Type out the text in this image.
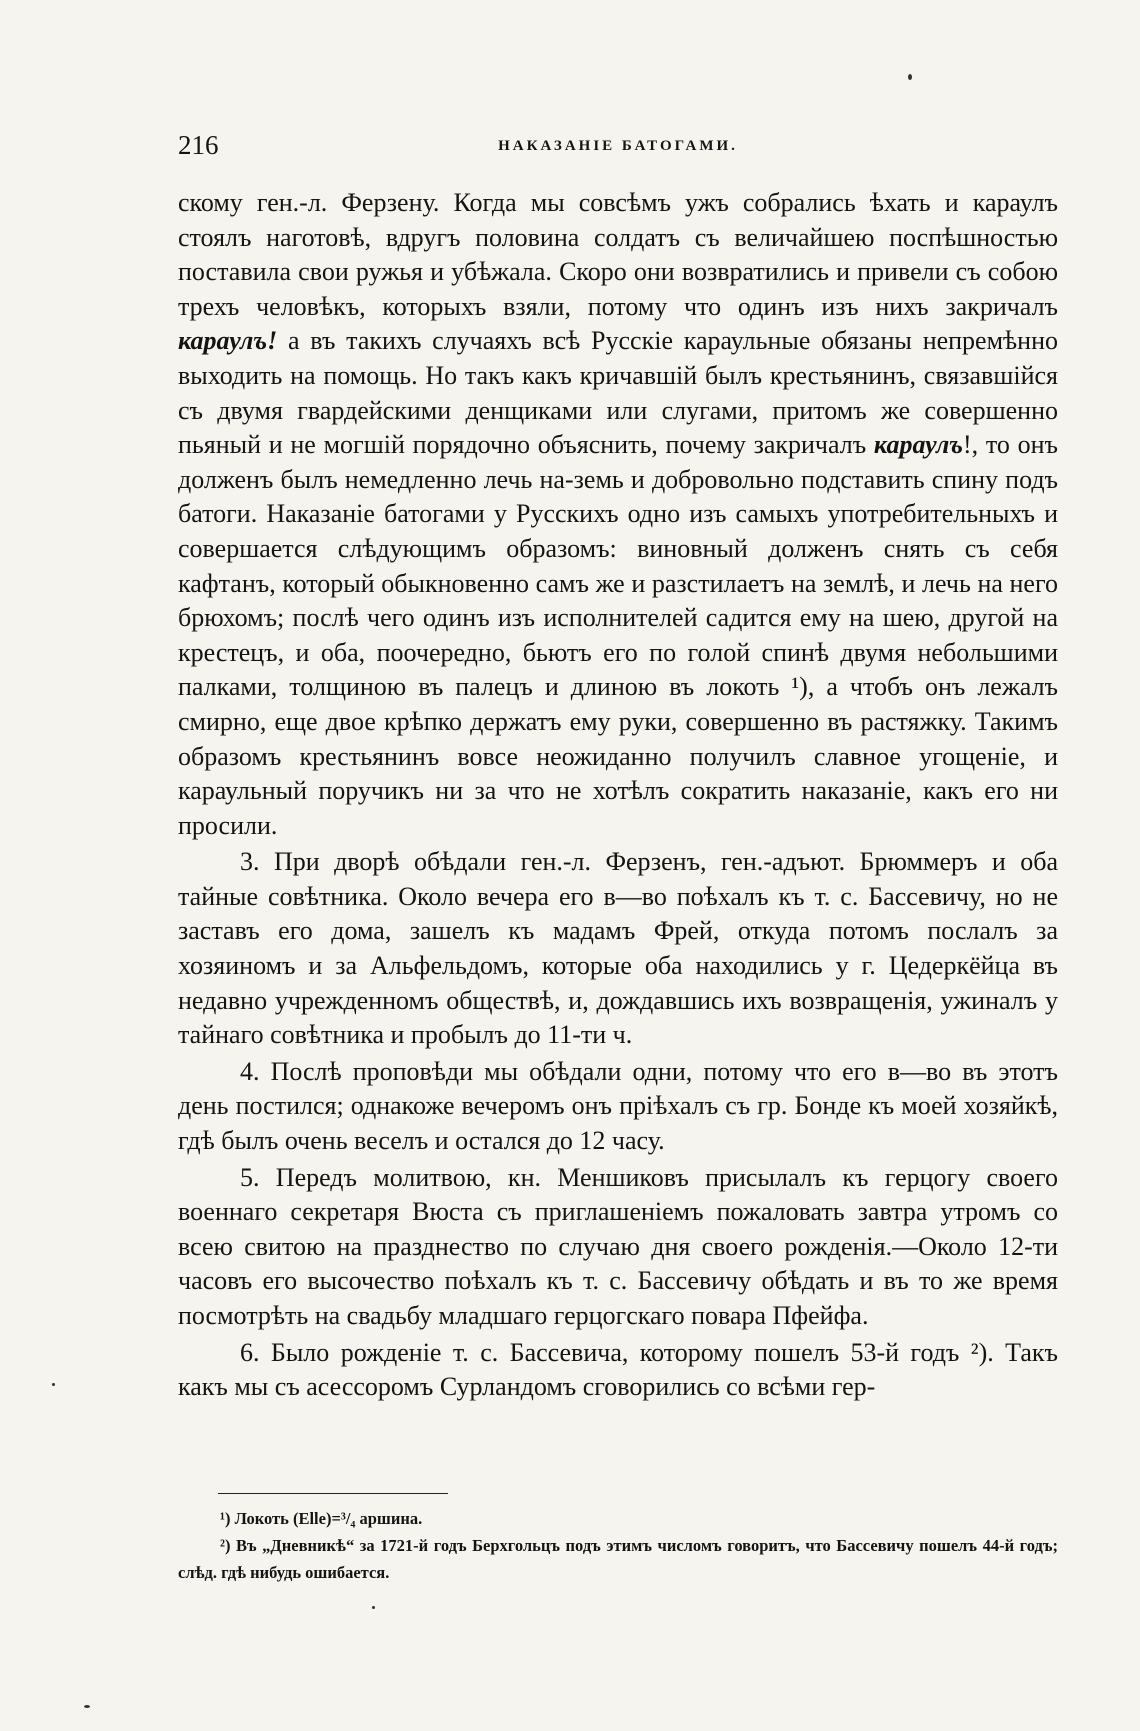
216	НАКАЗАНІЕ БАТОГАМИ.

скому ген.-л. Ферзену. Когда мы совсѣмъ ужъ собрались ѣхать и караулъ стоялъ наготовѣ, вдругъ половина солдатъ съ величайшею поспѣшностью поставила свои ружья и убѣжала. Скоро они возвратились и привели съ собою трехъ человѣкъ, которыхъ взяли, потому что одинъ изъ нихъ закричалъ караулъ! а въ такихъ случаяхъ всѣ Русскіе караульные обязаны непремѣнно выходить на помощь. Но такъ какъ кричавшій былъ крестьянинъ, связавшійся съ двумя гвардейскими денщиками или слугами, притомъ же совершенно пьяный и не могшій порядочно объяснить, почему закричалъ караулъ!, то онъ долженъ былъ немедленно лечь на-земь и добровольно подставить спину подъ батоги. Наказаніе батогами у Русскихъ одно изъ самыхъ употребительныхъ и совершается слѣдующимъ образомъ: виновный долженъ снять съ себя кафтанъ, который обыкновенно самъ же и разстилаетъ на землѣ, и лечь на него брюхомъ; послѣ чего одинъ изъ исполнителей садится ему на шею, другой на крестецъ, и оба, поочередно, бьютъ его по голой спинѣ двумя небольшими палками, толщиною въ палецъ и длиною въ локоть ¹), а чтобъ онъ лежалъ смирно, еще двое крѣпко держатъ ему руки, совершенно въ растяжку. Такимъ образомъ крестьянинъ вовсе неожиданно получилъ славное угощеніе, и караульный поручикъ ни за что не хотѣлъ сократить наказаніе, какъ его ни просили.

3. При дворѣ обѣдали ген.-л. Ферзенъ, ген.-адъют. Брюммеръ и оба тайные совѣтника. Около вечера его в—во поѣхалъ къ т. с. Бассевичу, но не заставъ его дома, зашелъ къ мадамъ Фрей, откуда потомъ послалъ за хозяиномъ и за Альфельдомъ, которые оба находились у г. Цедеркёйца въ недавно учрежденномъ обществѣ, и, дождавшись ихъ возвращенія, ужиналъ у тайнаго совѣтника и пробылъ до 11-ти ч.

4. Послѣ проповѣди мы обѣдали одни, потому что его в—во въ этотъ день постился; однакоже вечеромъ онъ пріѣхалъ съ гр. Бонде къ моей хозяйкѣ, гдѣ былъ очень веселъ и остался до 12 часу.

5. Передъ молитвою, кн. Меншиковъ присылалъ къ герцогу своего военнаго секретаря Вюста съ приглашеніемъ пожаловать завтра утромъ со всею свитою на празднество по случаю дня своего рожденія.—Около 12-ти часовъ его высочество поѣхалъ къ т. с. Бассевичу обѣдать и въ то же время посмотрѣть на свадьбу младшаго герцогскаго повара Пфейфа.

6. Было рожденіе т. с. Бассевича, которому пошелъ 53-й годъ ²). Такъ какъ мы съ асессоромъ Сурландомъ сговорились со всѣми гер-

¹) Локоть (Elle)=³/₄ аршина.

²) Въ „Дневникѣ“ за 1721-й годъ Берхгольцъ подъ этимъ числомъ говоритъ, что Бассевичу пошелъ 44-й годъ; слѣд. гдѣ нибудь ошибается.
